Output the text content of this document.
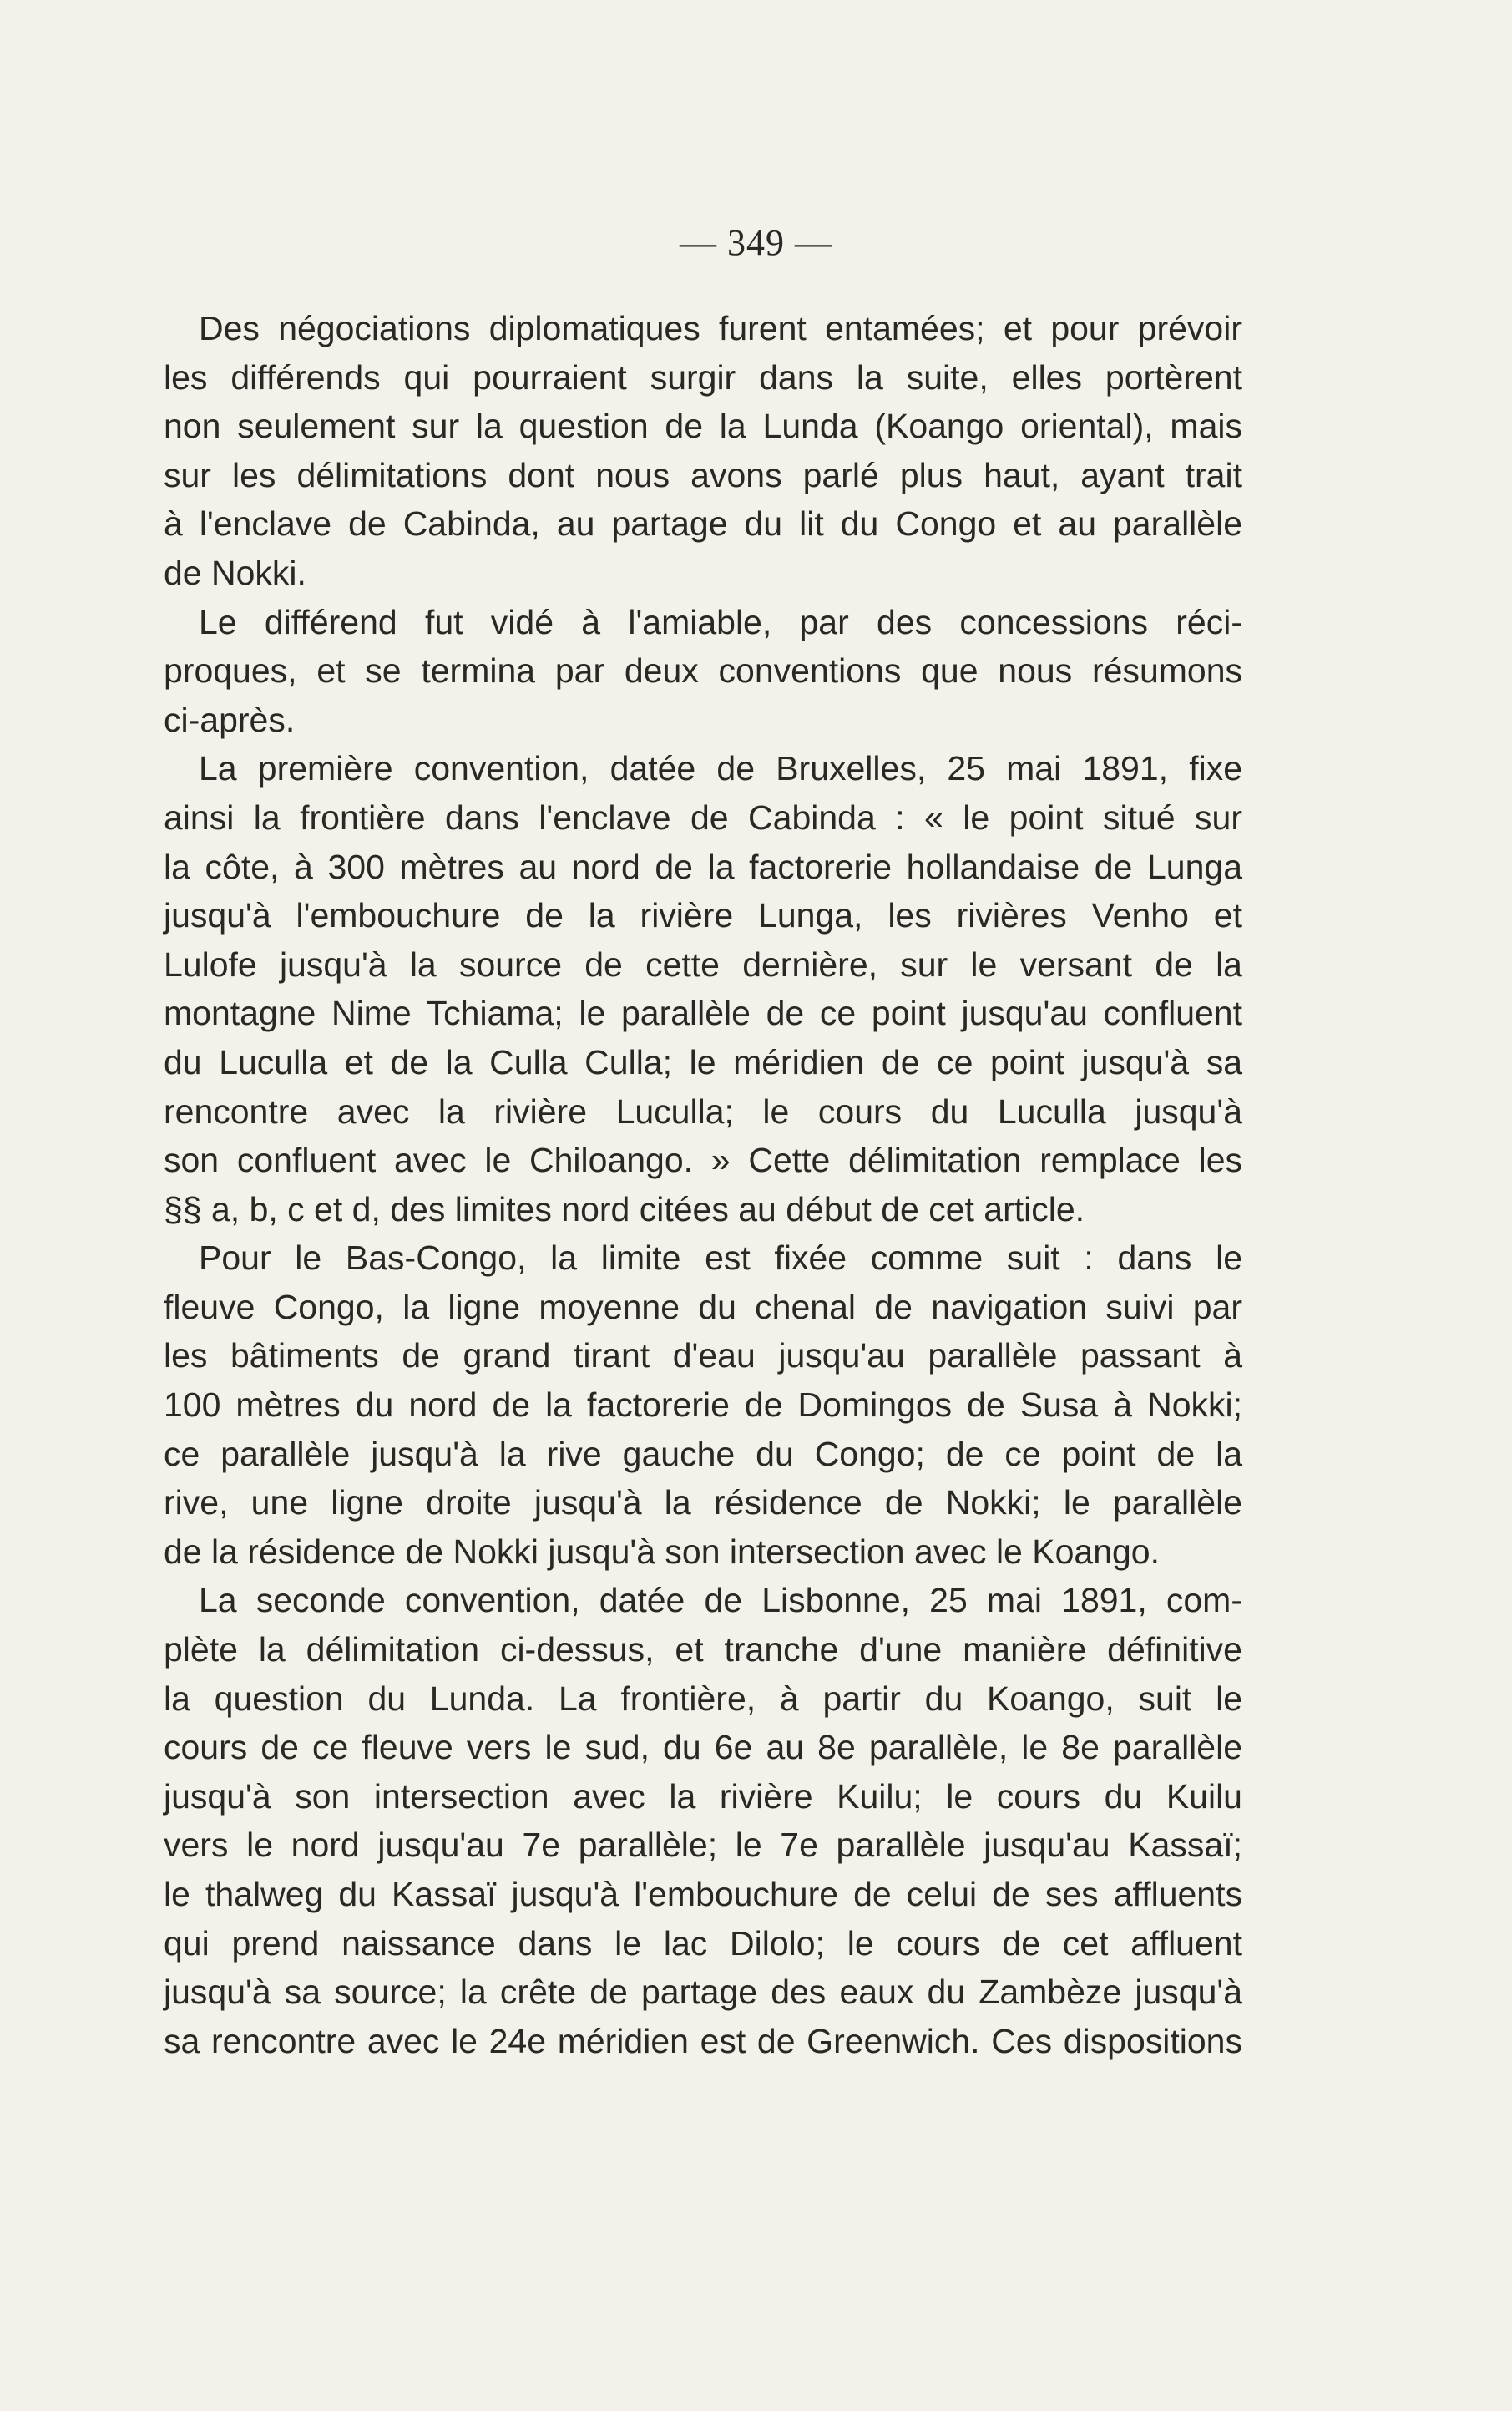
— 349 —
Des négociations diplomatiques furent entamées; et pour prévoir
les différends qui pourraient surgir dans la suite, elles portèrent
non seulement sur la question de la Lunda (Koango oriental), mais
sur les délimitations dont nous avons parlé plus haut, ayant trait
à l'enclave de Cabinda, au partage du lit du Congo et au parallèle
de Nokki.
Le différend fut vidé à l'amiable, par des concessions réci-
proques, et se termina par deux conventions que nous résumons
ci-après.
La première convention, datée de Bruxelles, 25 mai 1891, fixe
ainsi la frontière dans l'enclave de Cabinda : « le point situé sur
la côte, à 300 mètres au nord de la factorerie hollandaise de Lunga
jusqu'à l'embouchure de la rivière Lunga, les rivières Venho et
Lulofe jusqu'à la source de cette dernière, sur le versant de la
montagne Nime Tchiama; le parallèle de ce point jusqu'au confluent
du Luculla et de la Culla Culla; le méridien de ce point jusqu'à sa
rencontre avec la rivière Luculla; le cours du Luculla jusqu'à
son confluent avec le Chiloango. » Cette délimitation remplace les
§§ a, b, c et d, des limites nord citées au début de cet article.
Pour le Bas-Congo, la limite est fixée comme suit : dans le
fleuve Congo, la ligne moyenne du chenal de navigation suivi par
les bâtiments de grand tirant d'eau jusqu'au parallèle passant à
100 mètres du nord de la factorerie de Domingos de Susa à Nokki;
ce parallèle jusqu'à la rive gauche du Congo; de ce point de la
rive, une ligne droite jusqu'à la résidence de Nokki; le parallèle
de la résidence de Nokki jusqu'à son intersection avec le Koango.
La seconde convention, datée de Lisbonne, 25 mai 1891, com-
plète la délimitation ci-dessus, et tranche d'une manière définitive
la question du Lunda. La frontière, à partir du Koango, suit le
cours de ce fleuve vers le sud, du 6e au 8e parallèle, le 8e parallèle
jusqu'à son intersection avec la rivière Kuilu; le cours du Kuilu
vers le nord jusqu'au 7e parallèle; le 7e parallèle jusqu'au Kassaï;
le thalweg du Kassaï jusqu'à l'embouchure de celui de ses affluents
qui prend naissance dans le lac Dilolo; le cours de cet affluent
jusqu'à sa source; la crête de partage des eaux du Zambèze jusqu'à
sa rencontre avec le 24e méridien est de Greenwich. Ces dispositions
